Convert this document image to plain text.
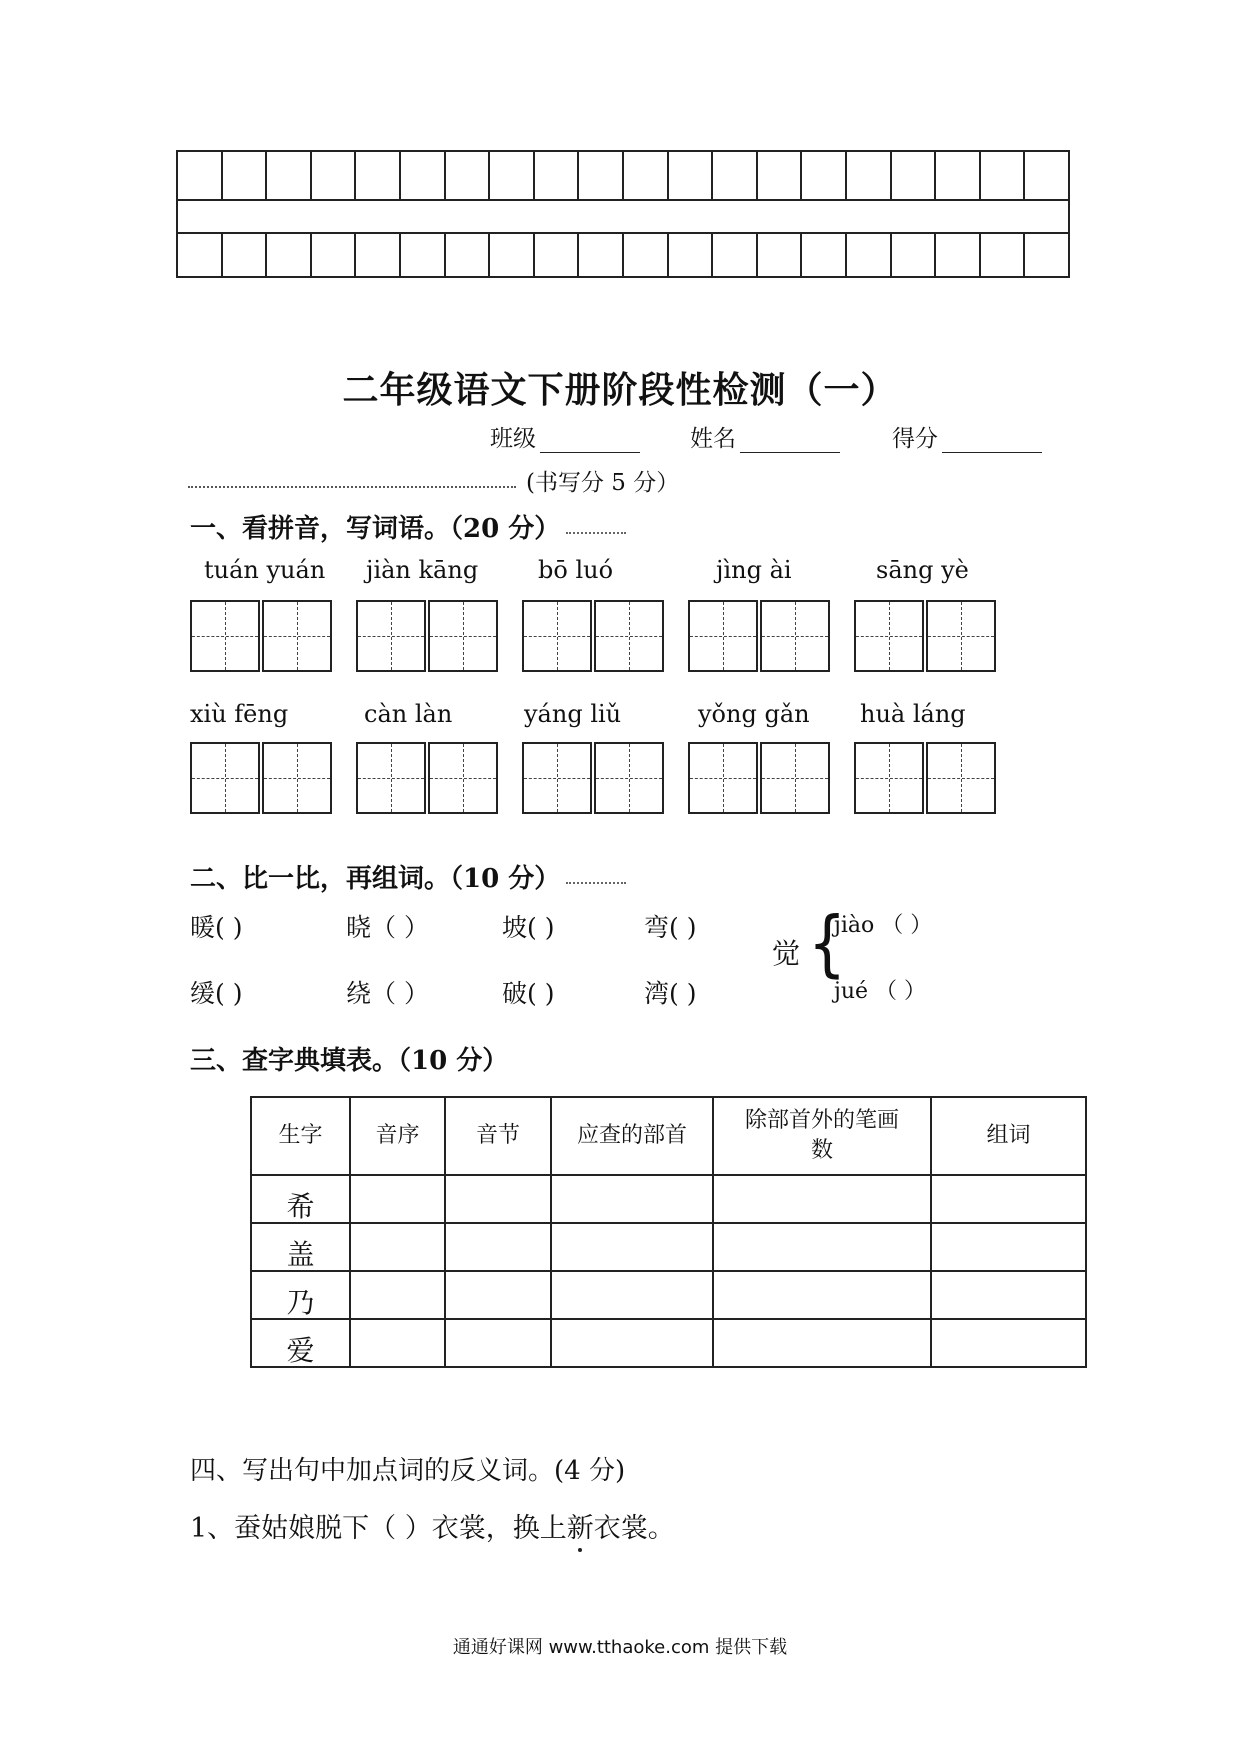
二年级语文下册阶段性检测（一）
班级	姓名	得分
(书写分 5 分）
一、看拼音，写词语。（20 分）
tuán yuán jiàn kāng bō luó	jìng ài	sāng yè
xiù fēng	càn làn	yáng liǔ	yǒng gǎn huà láng
二、比一比，再组词。（10 分）
暖( )	晓（ ）	坡( )	弯( )
缓( )	绕（ ）	破( )	湾( )
觉 {
jiào （ ）
jué （ ）
三、查字典填表。（10 分）
生字	音序	音节	应查的部首	除部首外的笔画数	组词
希					
盖					
乃					
爱					
四、写出句中加点词的反义词。(4 分)
1、蚕姑娘脱下（ ）衣裳，换上新衣裳。
通通好课网 www.tthaoke.com 提供下载
